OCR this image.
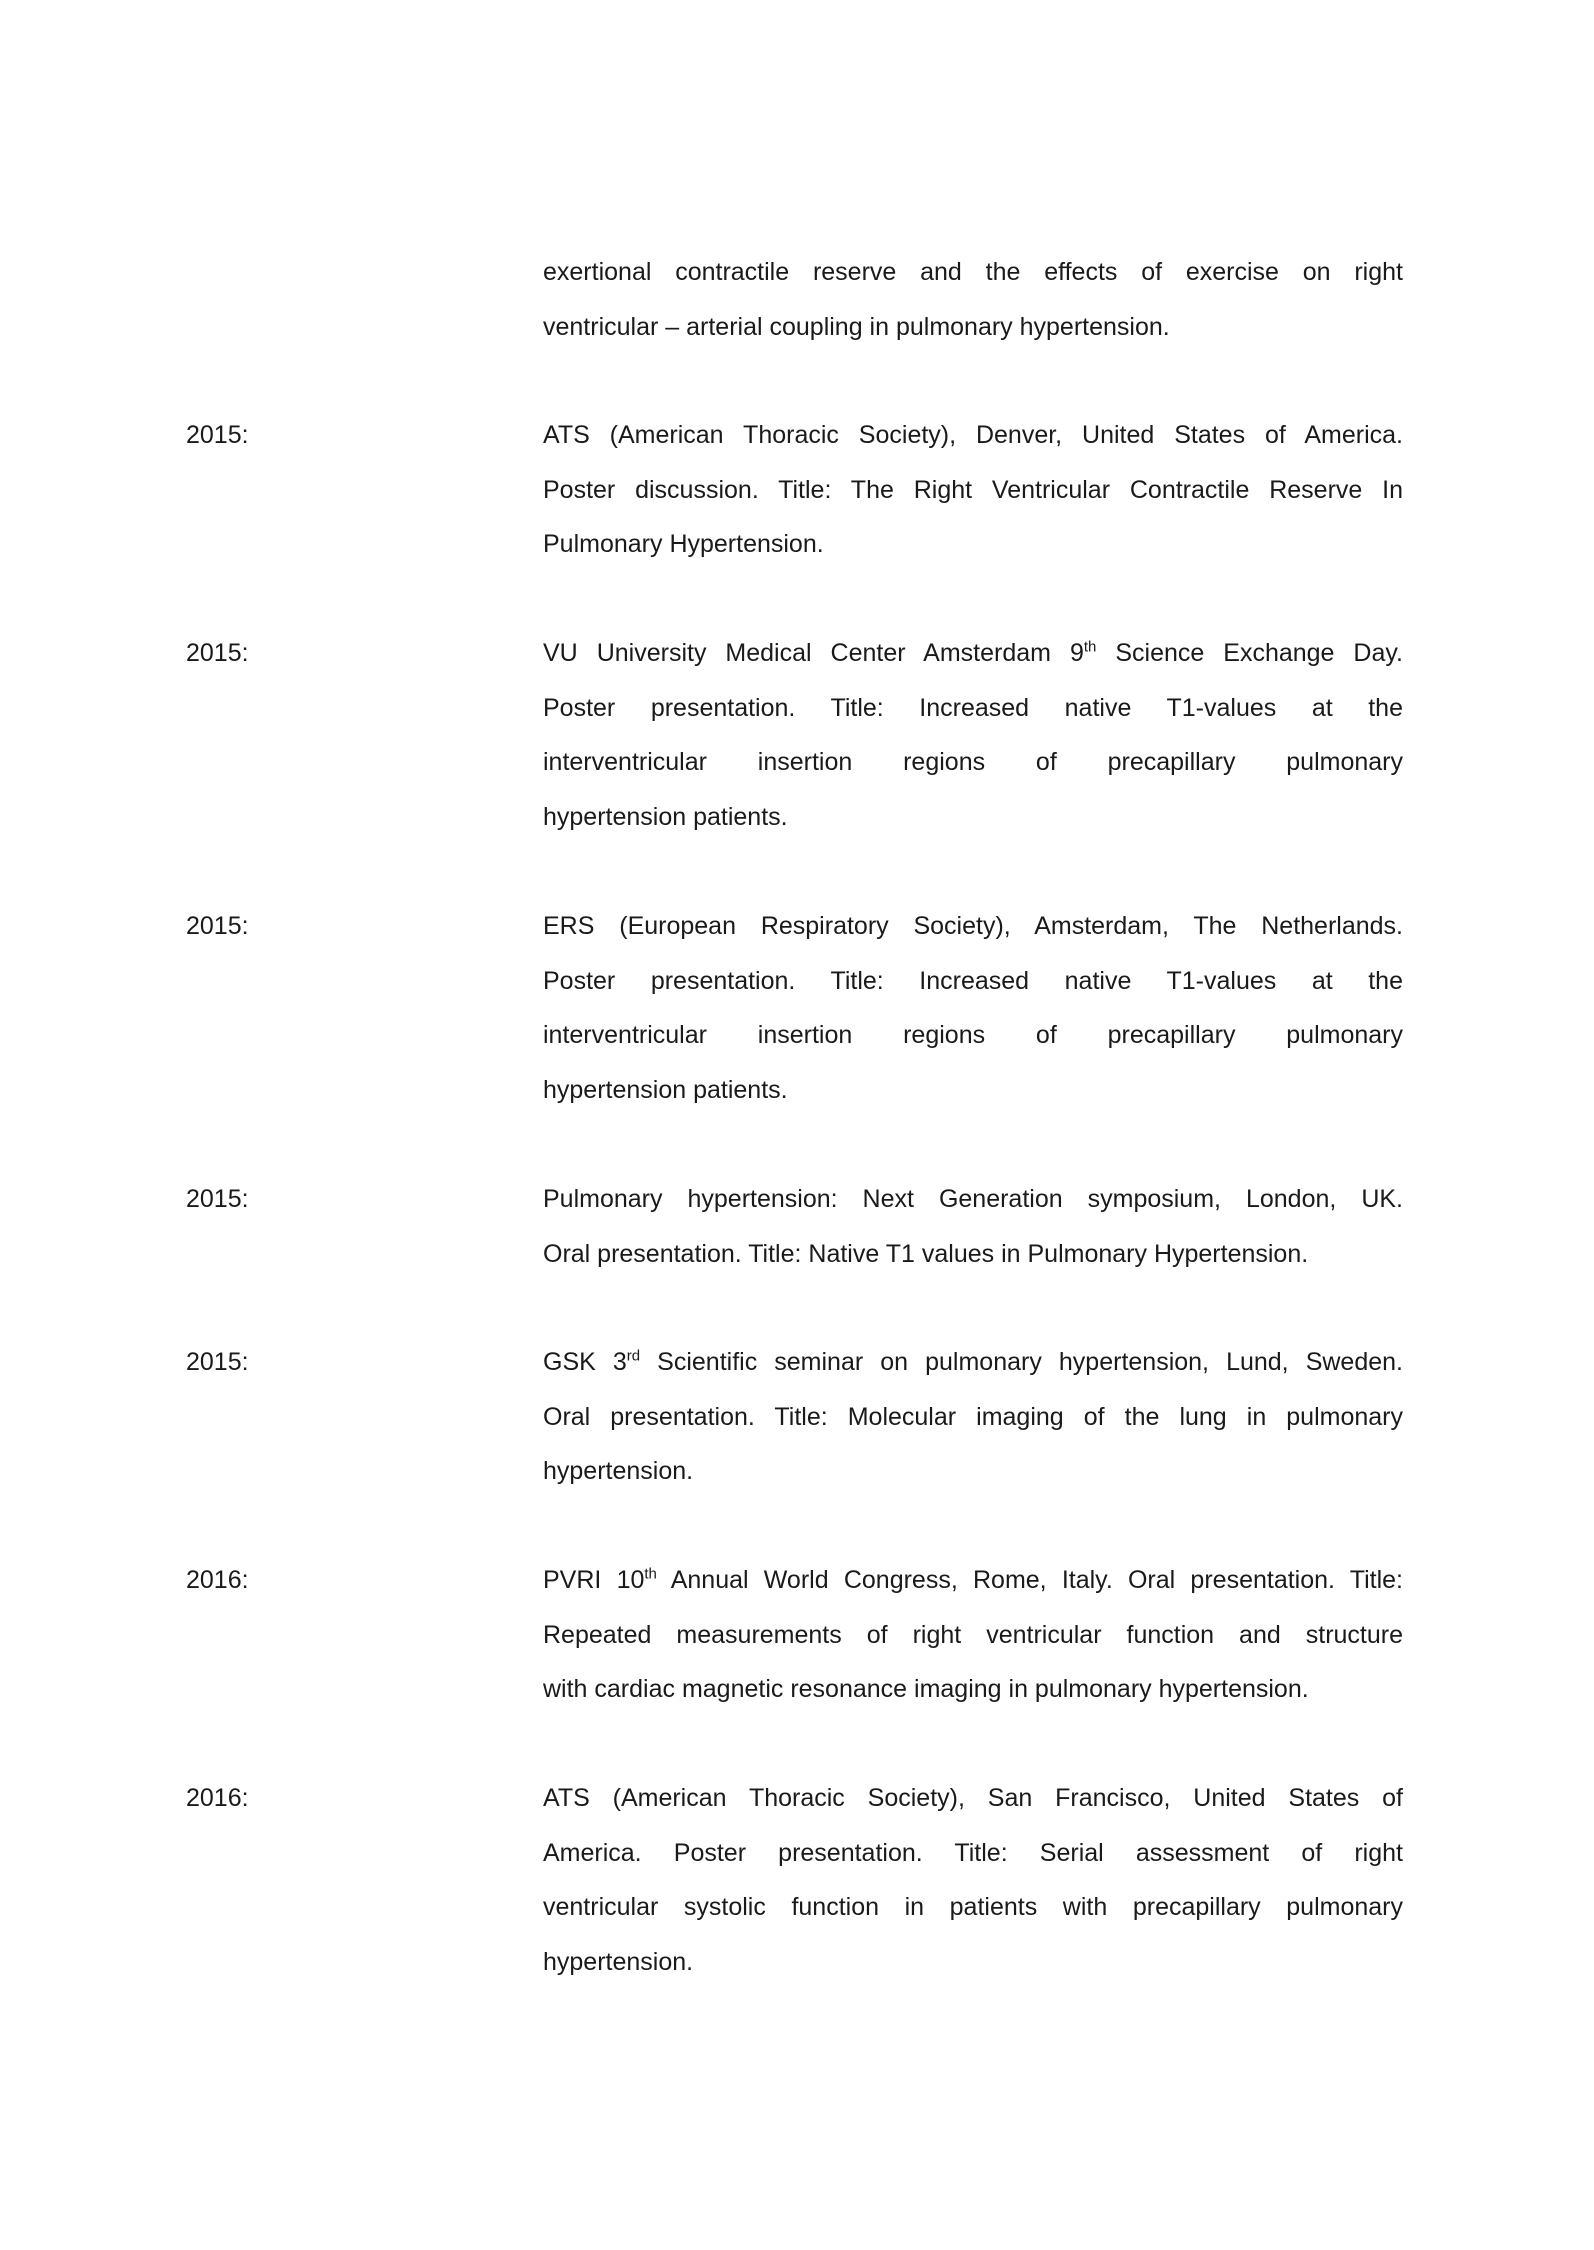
exertional contractile reserve and the effects of exercise on right
ventricular – arterial coupling in pulmonary hypertension.
2015:	ATS (American Thoracic Society), Denver, United States of America.
Poster discussion. Title: The Right Ventricular Contractile Reserve In
Pulmonary Hypertension.
2015:	VU University Medical Center Amsterdam 9th Science Exchange Day.
Poster presentation. Title: Increased native T1-values at the
interventricular insertion regions of precapillary pulmonary
hypertension patients.
2015:	ERS (European Respiratory Society), Amsterdam, The Netherlands.
Poster presentation. Title: Increased native T1-values at the
interventricular insertion regions of precapillary pulmonary
hypertension patients.
2015:	Pulmonary hypertension: Next Generation symposium, London, UK.
Oral presentation. Title: Native T1 values in Pulmonary Hypertension.
2015:	GSK 3rd Scientific seminar on pulmonary hypertension, Lund, Sweden.
Oral presentation. Title: Molecular imaging of the lung in pulmonary
hypertension.
2016:	PVRI 10th Annual World Congress, Rome, Italy. Oral presentation. Title:
Repeated measurements of right ventricular function and structure
with cardiac magnetic resonance imaging in pulmonary hypertension.
2016:	ATS (American Thoracic Society), San Francisco, United States of
America. Poster presentation. Title: Serial assessment of right
ventricular systolic function in patients with precapillary pulmonary
hypertension.
